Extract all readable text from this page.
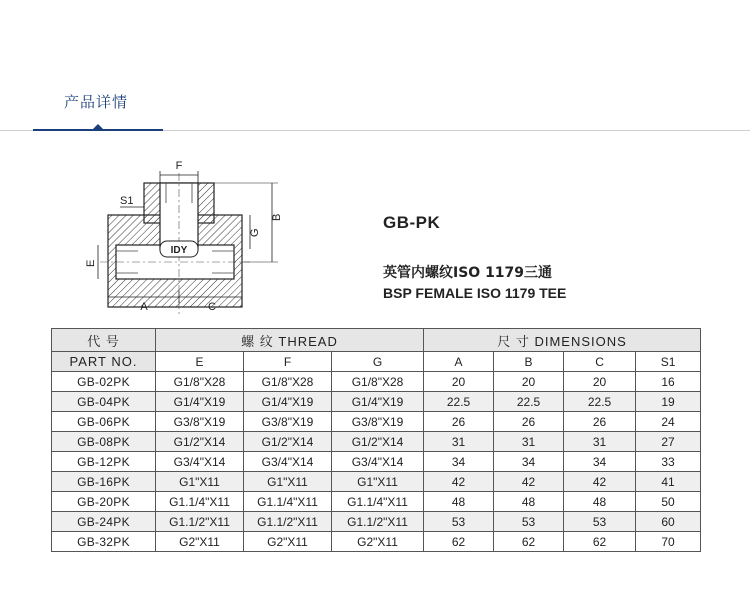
产品详情
IDY
F
S1
B
G
E
A	C
GB-PK
英管内螺纹ISO 1179三通
BSP FEMALE ISO 1179 TEE
代 号	螺 纹 THREAD			尺 寸 DIMENSIONS			
PART NO.	E	F	G	A	B	C	S1
GB-02PK	G1/8"X28	G1/8"X28	G1/8"X28	20	20	20	16
GB-04PK	G1/4"X19	G1/4"X19	G1/4"X19	22.5	22.5	22.5	19
GB-06PK	G3/8"X19	G3/8"X19	G3/8"X19	26	26	26	24
GB-08PK	G1/2"X14	G1/2"X14	G1/2"X14	31	31	31	27
GB-12PK	G3/4"X14	G3/4"X14	G3/4"X14	34	34	34	33
GB-16PK	G1"X11	G1"X11	G1"X11	42	42	42	41
GB-20PK	G1.1/4"X11	G1.1/4"X11	G1.1/4"X11	48	48	48	50
GB-24PK	G1.1/2"X11	G1.1/2"X11	G1.1/2"X11	53	53	53	60
GB-32PK	G2"X11	G2"X11	G2"X11	62	62	62	70
